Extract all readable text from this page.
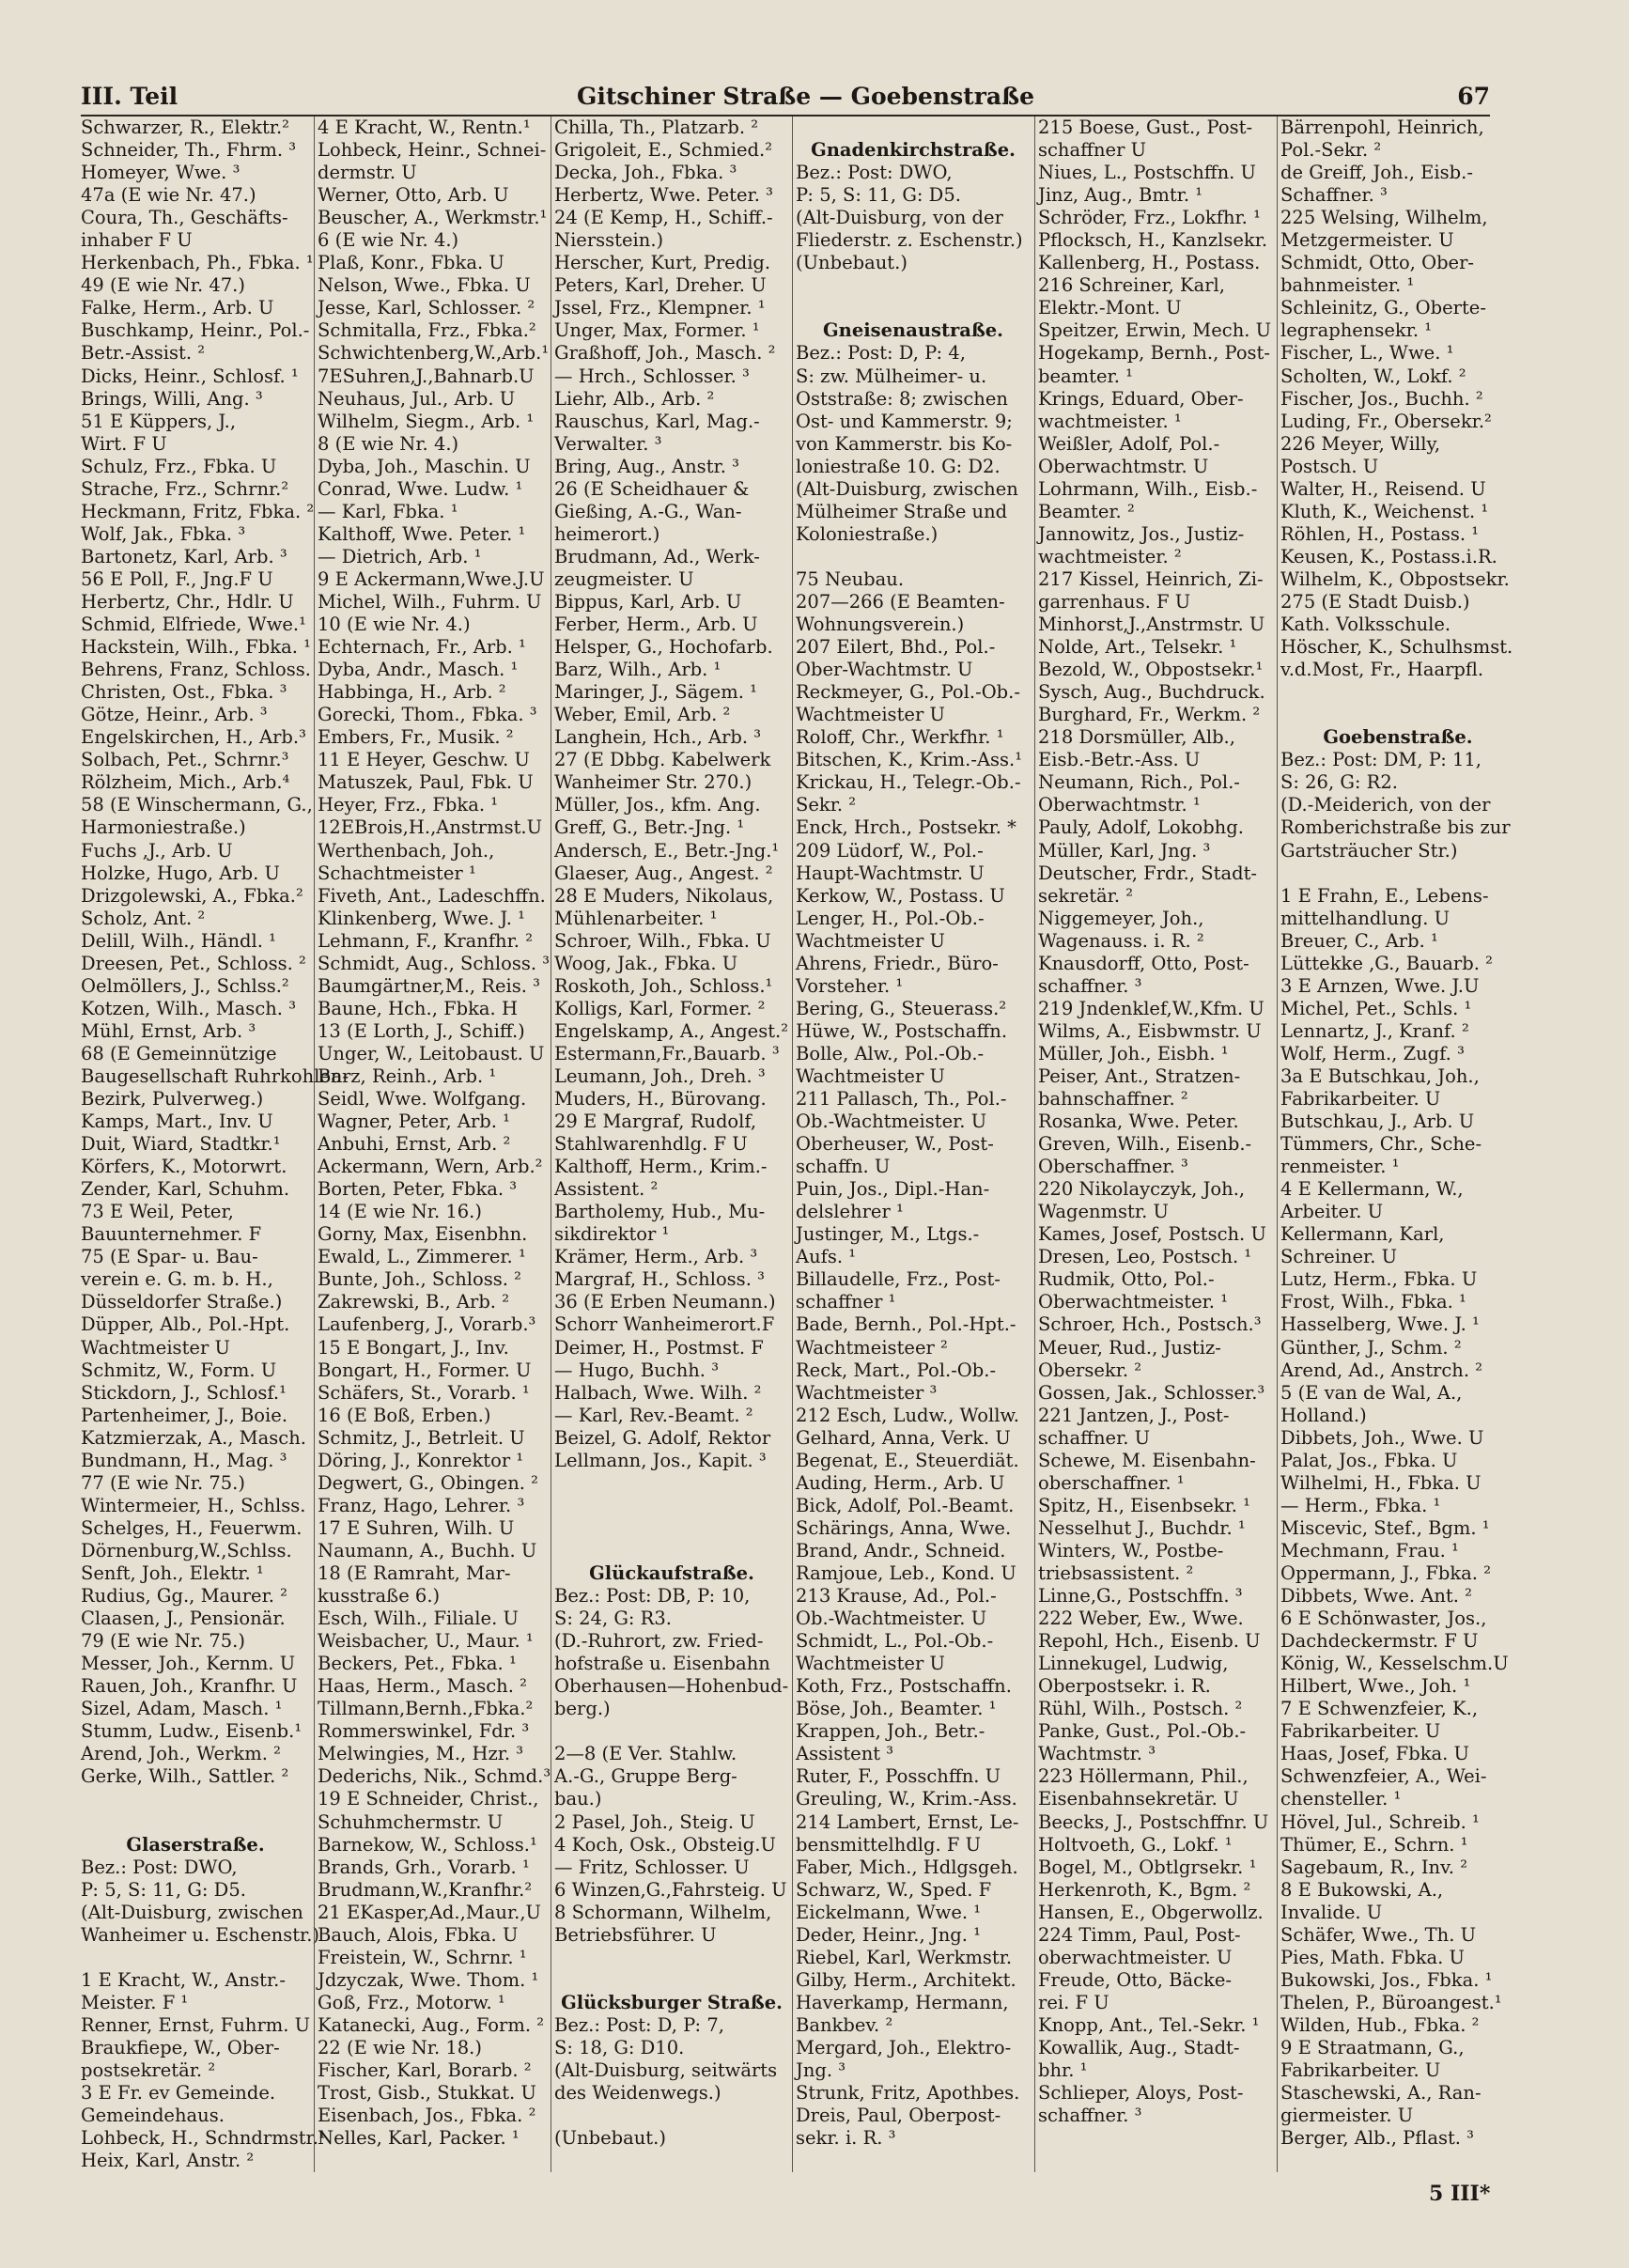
III. Teil	Gitschiner Straße — Goebenstraße	67
Schwarzer, R., Elektr.²
Schneider, Th., Fhrm. ³
Homeyer, Wwe. ³
47a (E wie Nr. 47.)
Coura, Th., Geschäfts-
inhaber F U
Herkenbach, Ph., Fbka. ¹
49 (E wie Nr. 47.)
Falke, Herm., Arb. U
Buschkamp, Heinr., Pol.-
Betr.-Assist. ²
Dicks, Heinr., Schlosf. ¹
Brings, Willi, Ang. ³
51 E Küppers, J.,
Wirt. F U
Schulz, Frz., Fbka. U
Strache, Frz., Schrnr.²
Heckmann, Fritz, Fbka. ²
Wolf, Jak., Fbka. ³
Bartonetz, Karl, Arb. ³
56 E Poll, F., Jng.F U
Herbertz, Chr., Hdlr. U
Schmid, Elfriede, Wwe.¹
Hackstein, Wilh., Fbka. ¹
Behrens, Franz, Schloss.
Christen, Ost., Fbka. ³
Götze, Heinr., Arb. ³
Engelskirchen, H., Arb.³
Solbach, Pet., Schrnr.³
Rölzheim, Mich., Arb.⁴
58 (E Winschermann, G.,
Harmoniestraße.)
Fuchs ,J., Arb. U
Holzke, Hugo, Arb. U
Drizgolewski, A., Fbka.²
Scholz, Ant. ²
Delill, Wilh., Händl. ¹
Dreesen, Pet., Schloss. ²
Oelmöllers, J., Schlss.²
Kotzen, Wilh., Masch. ³
Mühl, Ernst, Arb. ³
68 (E Gemeinnützige
Baugesellschaft Ruhrkohlen-
Bezirk, Pulverweg.)
Kamps, Mart., Inv. U
Duit, Wiard, Stadtkr.¹
Körfers, K., Motorwrt.
Zender, Karl, Schuhm.
73 E Weil, Peter,
Bauunternehmer. F
75 (E Spar- u. Bau-
verein e. G. m. b. H.,
Düsseldorfer Straße.)
Düpper, Alb., Pol.-Hpt.
Wachtmeister U
Schmitz, W., Form. U
Stickdorn, J., Schlosf.¹
Partenheimer, J., Boie.
Katzmierzak, A., Masch.
Bundmann, H., Mag. ³
77 (E wie Nr. 75.)
Wintermeier, H., Schlss.
Schelges, H., Feuerwm.
Dörnenburg,W.,Schlss.
Senft, Joh., Elektr. ¹
Rudius, Gg., Maurer. ²
Claasen, J., Pensionär.
79 (E wie Nr. 75.)
Messer, Joh., Kernm. U
Rauen, Joh., Kranfhr. U
Sizel, Adam, Masch. ¹
Stumm, Ludw., Eisenb.¹
Arend, Joh., Werkm. ²
Gerke, Wilh., Sattler. ²
Glaserstraße.
Bez.: Post: DWO,
P: 5, S: 11, G: D5.
(Alt-Duisburg, zwischen
Wanheimer u. Eschenstr.)
1 E Kracht, W., Anstr.-
Meister. F ¹
Renner, Ernst, Fuhrm. U
Braukfiepe, W., Ober-
postsekretär. ²
3 E Fr. ev Gemeinde.
Gemeindehaus.
Lohbeck, H., Schndrmstr.¹
Heix, Karl, Anstr. ²
4 E Kracht, W., Rentn.¹
Lohbeck, Heinr., Schnei-
dermstr. U
Werner, Otto, Arb. U
Beuscher, A., Werkmstr.¹
6 (E wie Nr. 4.)
Plaß, Konr., Fbka. U
Nelson, Wwe., Fbka. U
Jesse, Karl, Schlosser. ²
Schmitalla, Frz., Fbka.²
Schwichtenberg,W.,Arb.¹
7ESuhren,J.,Bahnarb.U
Neuhaus, Jul., Arb. U
Wilhelm, Siegm., Arb. ¹
8 (E wie Nr. 4.)
Dyba, Joh., Maschin. U
Conrad, Wwe. Ludw. ¹
— Karl, Fbka. ¹
Kalthoff, Wwe. Peter. ¹
— Dietrich, Arb. ¹
9 E Ackermann,Wwe.J.U
Michel, Wilh., Fuhrm. U
10 (E wie Nr. 4.)
Echternach, Fr., Arb. ¹
Dyba, Andr., Masch. ¹
Habbinga, H., Arb. ²
Gorecki, Thom., Fbka. ³
Embers, Fr., Musik. ²
11 E Heyer, Geschw. U
Matuszek, Paul, Fbk. U
Heyer, Frz., Fbka. ¹
12EBrois,H.,Anstrmst.U
Werthenbach, Joh.,
Schachtmeister ¹
Fiveth, Ant., Ladeschffn.
Klinkenberg, Wwe. J. ¹
Lehmann, F., Kranfhr. ²
Schmidt, Aug., Schloss. ³
Baumgärtner,M., Reis. ³
Baune, Hch., Fbka. H
13 (E Lorth, J., Schiff.)
Unger, W., Leitobaust. U
Barz, Reinh., Arb. ¹
Seidl, Wwe. Wolfgang.
Wagner, Peter, Arb. ¹
Anbuhi, Ernst, Arb. ²
Ackermann, Wern, Arb.²
Borten, Peter, Fbka. ³
14 (E wie Nr. 16.)
Gorny, Max, Eisenbhn.
Ewald, L., Zimmerer. ¹
Bunte, Joh., Schloss. ²
Zakrewski, B., Arb. ²
Laufenberg, J., Vorarb.³
15 E Bongart, J., Inv.
Bongart, H., Former. U
Schäfers, St., Vorarb. ¹
16 (E Boß, Erben.)
Schmitz, J., Betrleit. U
Döring, J., Konrektor ¹
Degwert, G., Obingen. ²
Franz, Hago, Lehrer. ³
17 E Suhren, Wilh. U
Naumann, A., Buchh. U
18 (E Ramraht, Mar-
kusstraße 6.)
Esch, Wilh., Filiale. U
Weisbacher, U., Maur. ¹
Beckers, Pet., Fbka. ¹
Haas, Herm., Masch. ²
Tillmann,Bernh.,Fbka.²
Rommerswinkel, Fdr. ³
Melwingies, M., Hzr. ³
Dederichs, Nik., Schmd.³
19 E Schneider, Christ.,
Schuhmchermstr. U
Barnekow, W., Schloss.¹
Brands, Grh., Vorarb. ¹
Brudmann,W.,Kranfhr.²
21 EKasper,Ad.,Maur.,U
Bauch, Alois, Fbka. U
Freistein, W., Schrnr. ¹
Jdzyczak, Wwe. Thom. ¹
Goß, Frz., Motorw. ¹
Katanecki, Aug., Form. ²
22 (E wie Nr. 18.)
Fischer, Karl, Borarb. ²
Trost, Gisb., Stukkat. U
Eisenbach, Jos., Fbka. ²
Nelles, Karl, Packer. ¹
Chilla, Th., Platzarb. ²
Grigoleit, E., Schmied.²
Decka, Joh., Fbka. ³
Herbertz, Wwe. Peter. ³
24 (E Kemp, H., Schiff.-
Niersstein.)
Herscher, Kurt, Predig.
Peters, Karl, Dreher. U
Jssel, Frz., Klempner. ¹
Unger, Max, Former. ¹
Graßhoff, Joh., Masch. ²
— Hrch., Schlosser. ³
Liehr, Alb., Arb. ²
Rauschus, Karl, Mag.-
Verwalter. ³
Bring, Aug., Anstr. ³
26 (E Scheidhauer &
Gießing, A.-G., Wan-
heimerort.)
Brudmann, Ad., Werk-
zeugmeister. U
Bippus, Karl, Arb. U
Ferber, Herm., Arb. U
Helsper, G., Hochofarb.
Barz, Wilh., Arb. ¹
Maringer, J., Sägem. ¹
Weber, Emil, Arb. ²
Langhein, Hch., Arb. ³
27 (E Dbbg. Kabelwerk
Wanheimer Str. 270.)
Müller, Jos., kfm. Ang.
Greff, G., Betr.-Jng. ¹
Andersch, E., Betr.-Jng.¹
Glaeser, Aug., Angest. ²
28 E Muders, Nikolaus,
Mühlenarbeiter. ¹
Schroer, Wilh., Fbka. U
Woog, Jak., Fbka. U
Roskoth, Joh., Schloss.¹
Kolligs, Karl, Former. ²
Engelskamp, A., Angest.²
Estermann,Fr.,Bauarb. ³
Leumann, Joh., Dreh. ³
Muders, H., Bürovang.
29 E Margraf, Rudolf,
Stahlwarenhdlg. F U
Kalthoff, Herm., Krim.-
Assistent. ²
Bartholemy, Hub., Mu-
sikdirektor ¹
Krämer, Herm., Arb. ³
Margraf, H., Schloss. ³
36 (E Erben Neumann.)
Schorr Wanheimerort.F
Deimer, H., Postmst. F
— Hugo, Buchh. ³
Halbach, Wwe. Wilh. ²
— Karl, Rev.-Beamt. ²
Beizel, G. Adolf, Rektor
Lellmann, Jos., Kapit. ³
Glückaufstraße.
Bez.: Post: DB, P: 10,
S: 24, G: R3.
(D.-Ruhrort, zw. Fried-
hofstraße u. Eisenbahn
Oberhausen—Hohenbud-
berg.)
2—8 (E Ver. Stahlw.
A.-G., Gruppe Berg-
bau.)
2 Pasel, Joh., Steig. U
4 Koch, Osk., Obsteig.U
— Fritz, Schlosser. U
6 Winzen,G.,Fahrsteig. U
8 Schormann, Wilhelm,
Betriebsführer. U
Glücksburger Straße.
Bez.: Post: D, P: 7,
S: 18, G: D10.
(Alt-Duisburg, seitwärts
des Weidenwegs.)
(Unbebaut.)
Gnadenkirchstraße.
Bez.: Post: DWO,
P: 5, S: 11, G: D5.
(Alt-Duisburg, von der
Fliederstr. z. Eschenstr.)
(Unbebaut.)
Gneisenaustraße.
Bez.: Post: D, P: 4,
S: zw. Mülheimer- u.
Oststraße: 8; zwischen
Ost- und Kammerstr. 9;
von Kammerstr. bis Ko-
loniestraße 10. G: D2.
(Alt-Duisburg, zwischen
Mülheimer Straße und
Koloniestraße.)
75 Neubau.
207—266 (E Beamten-
Wohnungsverein.)
207 Eilert, Bhd., Pol.-
Ober-Wachtmstr. U
Reckmeyer, G., Pol.-Ob.-
Wachtmeister U
Roloff, Chr., Werkfhr. ¹
Bitschen, K., Krim.-Ass.¹
Krickau, H., Telegr.-Ob.-
Sekr. ²
Enck, Hrch., Postsekr. *
209 Lüdorf, W., Pol.-
Haupt-Wachtmstr. U
Kerkow, W., Postass. U
Lenger, H., Pol.-Ob.-
Wachtmeister U
Ahrens, Friedr., Büro-
Vorsteher. ¹
Bering, G., Steuerass.²
Hüwe, W., Postschaffn.
Bolle, Alw., Pol.-Ob.-
Wachtmeister U
211 Pallasch, Th., Pol.-
Ob.-Wachtmeister. U
Oberheuser, W., Post-
schaffn. U
Puin, Jos., Dipl.-Han-
delslehrer ¹
Justinger, M., Ltgs.-
Aufs. ¹
Billaudelle, Frz., Post-
schaffner ¹
Bade, Bernh., Pol.-Hpt.-
Wachtmeisteer ²
Reck, Mart., Pol.-Ob.-
Wachtmeister ³
212 Esch, Ludw., Wollw.
Gelhard, Anna, Verk. U
Begenat, E., Steuerdiät.
Auding, Herm., Arb. U
Bick, Adolf, Pol.-Beamt.
Schärings, Anna, Wwe.
Brand, Andr., Schneid.
Ramjoue, Leb., Kond. U
213 Krause, Ad., Pol.-
Ob.-Wachtmeister. U
Schmidt, L., Pol.-Ob.-
Wachtmeister U
Koth, Frz., Postschaffn.
Böse, Joh., Beamter. ¹
Krappen, Joh., Betr.-
Assistent ³
Ruter, F., Posschffn. U
Greuling, W., Krim.-Ass.
214 Lambert, Ernst, Le-
bensmittelhdlg. F U
Faber, Mich., Hdlgsgeh.
Schwarz, W., Sped. F
Eickelmann, Wwe. ¹
Deder, Heinr., Jng. ¹
Riebel, Karl, Werkmstr.
Gilby, Herm., Architekt.
Haverkamp, Hermann,
Bankbev. ²
Mergard, Joh., Elektro-
Jng. ³
Strunk, Fritz, Apothbes.
Dreis, Paul, Oberpost-
sekr. i. R. ³
215 Boese, Gust., Post-
schaffner U
Niues, L., Postschffn. U
Jinz, Aug., Bmtr. ¹
Schröder, Frz., Lokfhr. ¹
Pflocksch, H., Kanzlsekr.
Kallenberg, H., Postass.
216 Schreiner, Karl,
Elektr.-Mont. U
Speitzer, Erwin, Mech. U
Hogekamp, Bernh., Post-
beamter. ¹
Krings, Eduard, Ober-
wachtmeister. ¹
Weißler, Adolf, Pol.-
Oberwachtmstr. U
Lohrmann, Wilh., Eisb.-
Beamter. ²
Jannowitz, Jos., Justiz-
wachtmeister. ²
217 Kissel, Heinrich, Zi-
garrenhaus. F U
Minhorst,J.,Anstrmstr. U
Nolde, Art., Telsekr. ¹
Bezold, W., Obpostsekr.¹
Sysch, Aug., Buchdruck.
Burghard, Fr., Werkm. ²
218 Dorsmüller, Alb.,
Eisb.-Betr.-Ass. U
Neumann, Rich., Pol.-
Oberwachtmstr. ¹
Pauly, Adolf, Lokobhg.
Müller, Karl, Jng. ³
Deutscher, Frdr., Stadt-
sekretär. ²
Niggemeyer, Joh.,
Wagenauss. i. R. ²
Knausdorff, Otto, Post-
schaffner. ³
219 Jndenklef,W.,Kfm. U
Wilms, A., Eisbwmstr. U
Müller, Joh., Eisbh. ¹
Peiser, Ant., Stratzen-
bahnschaffner. ²
Rosanka, Wwe. Peter.
Greven, Wilh., Eisenb.-
Oberschaffner. ³
220 Nikolayczyk, Joh.,
Wagenmstr. U
Kames, Josef, Postsch. U
Dresen, Leo, Postsch. ¹
Rudmik, Otto, Pol.-
Oberwachtmeister. ¹
Schroer, Hch., Postsch.³
Meuer, Rud., Justiz-
Obersekr. ²
Gossen, Jak., Schlosser.³
221 Jantzen, J., Post-
schaffner. U
Schewe, M. Eisenbahn-
oberschaffner. ¹
Spitz, H., Eisenbsekr. ¹
Nesselhut J., Buchdr. ¹
Winters, W., Postbe-
triebsassistent. ²
Linne,G., Postschffn. ³
222 Weber, Ew., Wwe.
Repohl, Hch., Eisenb. U
Linnekugel, Ludwig,
Oberpostsekr. i. R.
Rühl, Wilh., Postsch. ²
Panke, Gust., Pol.-Ob.-
Wachtmstr. ³
223 Höllermann, Phil.,
Eisenbahnsekretär. U
Beecks, J., Postschffnr. U
Holtvoeth, G., Lokf. ¹
Bogel, M., Obtlgrsekr. ¹
Herkenroth, K., Bgm. ²
Hansen, E., Obgerwollz.
224 Timm, Paul, Post-
oberwachtmeister. U
Freude, Otto, Bäcke-
rei. F U
Knopp, Ant., Tel.-Sekr. ¹
Kowallik, Aug., Stadt-
bhr. ¹
Schlieper, Aloys, Post-
schaffner. ³
Bärrenpohl, Heinrich,
Pol.-Sekr. ²
de Greiff, Joh., Eisb.-
Schaffner. ³
225 Welsing, Wilhelm,
Metzgermeister. U
Schmidt, Otto, Ober-
bahnmeister. ¹
Schleinitz, G., Oberte-
legraphensekr. ¹
Fischer, L., Wwe. ¹
Scholten, W., Lokf. ²
Fischer, Jos., Buchh. ²
Luding, Fr., Obersekr.²
226 Meyer, Willy,
Postsch. U
Walter, H., Reisend. U
Kluth, K., Weichenst. ¹
Röhlen, H., Postass. ¹
Keusen, K., Postass.i.R.
Wilhelm, K., Obpostsekr.
275 (E Stadt Duisb.)
Kath. Volksschule.
Höscher, K., Schulhsmst.
v.d.Most, Fr., Haarpfl.
Goebenstraße.
Bez.: Post: DM, P: 11,
S: 26, G: R2.
(D.-Meiderich, von der
Romberichstraße bis zur
Gartsträucher Str.)
1 E Frahn, E., Lebens-
mittelhandlung. U
Breuer, C., Arb. ¹
Lüttekke ,G., Bauarb. ²
3 E Arnzen, Wwe. J.U
Michel, Pet., Schls. ¹
Lennartz, J., Kranf. ²
Wolf, Herm., Zugf. ³
3a E Butschkau, Joh.,
Fabrikarbeiter. U
Butschkau, J., Arb. U
Tümmers, Chr., Sche-
renmeister. ¹
4 E Kellermann, W.,
Arbeiter. U
Kellermann, Karl,
Schreiner. U
Lutz, Herm., Fbka. U
Frost, Wilh., Fbka. ¹
Hasselberg, Wwe. J. ¹
Günther, J., Schm. ²
Arend, Ad., Anstrch. ²
5 (E van de Wal, A.,
Holland.)
Dibbets, Joh., Wwe. U
Palat, Jos., Fbka. U
Wilhelmi, H., Fbka. U
— Herm., Fbka. ¹
Miscevic, Stef., Bgm. ¹
Mechmann, Frau. ¹
Oppermann, J., Fbka. ²
Dibbets, Wwe. Ant. ²
6 E Schönwaster, Jos.,
Dachdeckermstr. F U
König, W., Kesselschm.U
Hilbert, Wwe., Joh. ¹
7 E Schwenzfeier, K.,
Fabrikarbeiter. U
Haas, Josef, Fbka. U
Schwenzfeier, A., Wei-
chensteller. ¹
Hövel, Jul., Schreib. ¹
Thümer, E., Schrn. ¹
Sagebaum, R., Inv. ²
8 E Bukowski, A.,
Invalide. U
Schäfer, Wwe., Th. U
Pies, Math. Fbka. U
Bukowski, Jos., Fbka. ¹
Thelen, P., Büroangest.¹
Wilden, Hub., Fbka. ²
9 E Straatmann, G.,
Fabrikarbeiter. U
Staschewski, A., Ran-
giermeister. U
Berger, Alb., Pflast. ³
5 III*
